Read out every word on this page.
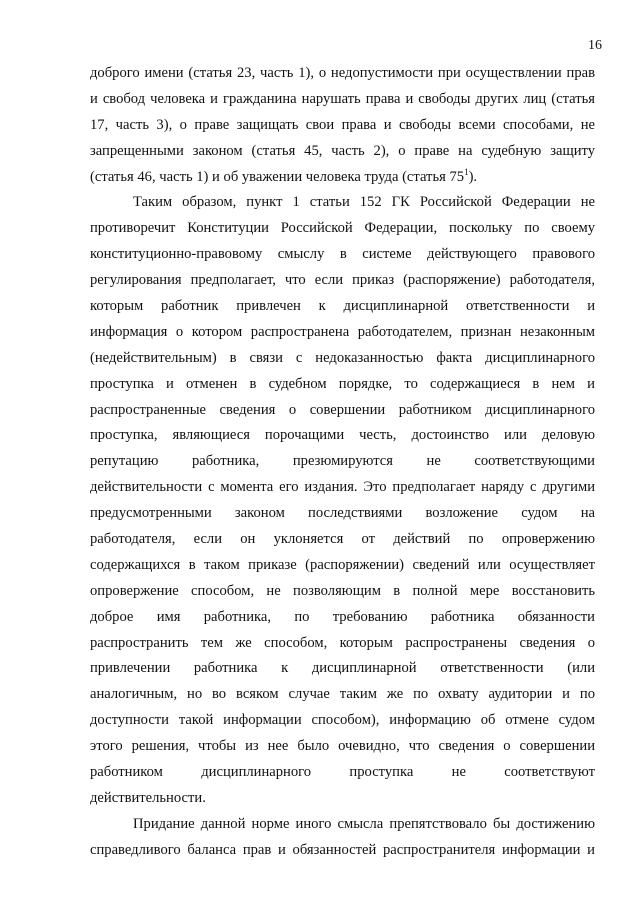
16
доброго имени (статья 23, часть 1), о недопустимости при осуществлении прав
и свобод человека и гражданина нарушать права и свободы других лиц (статья
17, часть 3), о праве защищать свои права и свободы всеми способами, не
запрещенными законом (статья 45, часть 2), о праве на судебную защиту
(статья 46, часть 1) и об уважении человека труда (статья $75^1$).
Таким образом, пункт 1 статьи 152 ГК Российской Федерации не
противоречит Конституции Российской Федерации, поскольку по своему
конституционно-правовому смыслу в системе действующего правового
регулирования предполагает, что если приказ (распоряжение) работодателя,
которым работник привлечен к дисциплинарной ответственности и
информация о котором распространена работодателем, признан незаконным
(недействительным) в связи с недоказанностью факта дисциплинарного
проступка и отменен в судебном порядке, то содержащиеся в нем и
распространенные сведения о совершении работником дисциплинарного
проступка, являющиеся порочащими честь, достоинство или деловую
репутацию работника, презюмируются не соответствующими
действительности с момента его издания. Это предполагает наряду с другими
предусмотренными законом последствиями возложение судом на
работодателя, если он уклоняется от действий по опровержению
содержащихся в таком приказе (распоряжении) сведений или осуществляет
опровержение способом, не позволяющим в полной мере восстановить
доброе имя работника, по требованию работника обязанности
распространить тем же способом, которым распространены сведения о
привлечении работника к дисциплинарной ответственности (или
аналогичным, но во всяком случае таким же по охвату аудитории и по
доступности такой информации способом), информацию об отмене судом
этого решения, чтобы из нее было очевидно, что сведения о совершении
работником дисциплинарного проступка не соответствуют
действительности.
Придание данной норме иного смысла препятствовало бы достижению
справедливого баланса прав и обязанностей распространителя информации и
